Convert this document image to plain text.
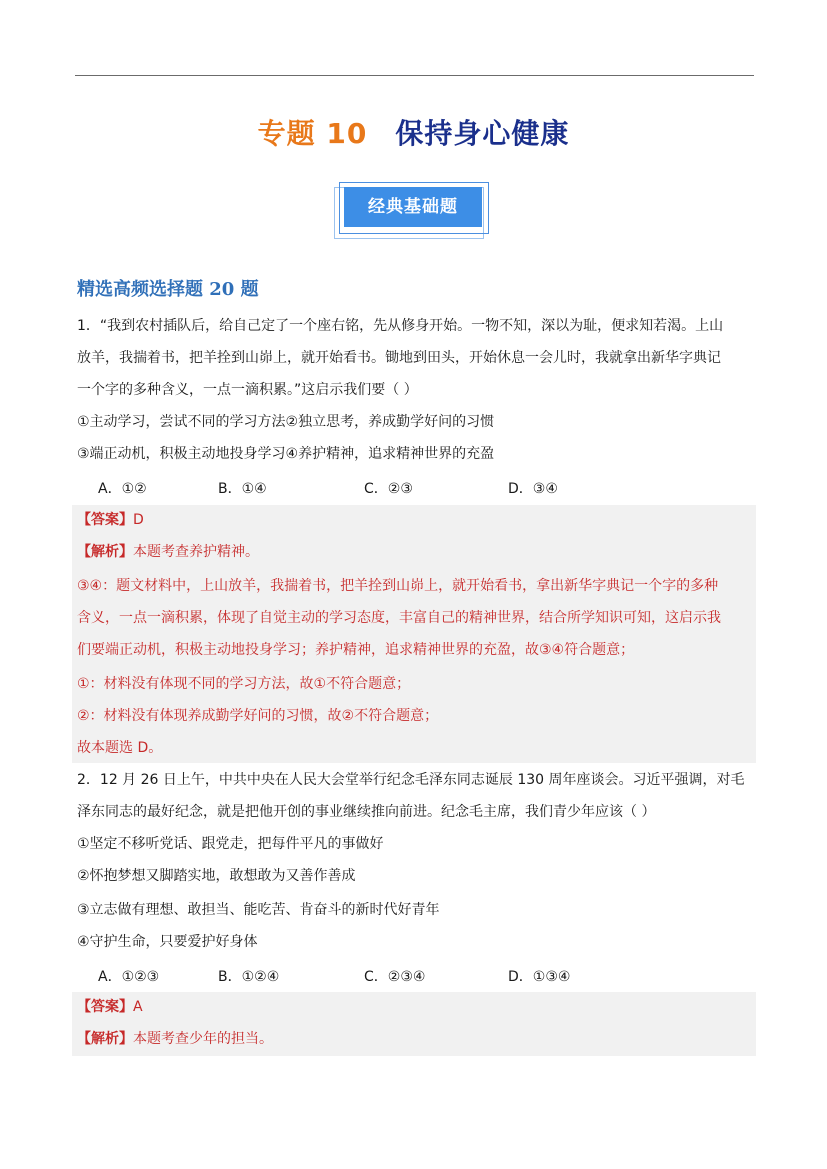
专题 10 保持身心健康
经典基础题
精选高频选择题 20 题
1．“我到农村插队后，给自己定了一个座右铭，先从修身开始。一物不知，深以为耻，便求知若渴。上山
放羊，我揣着书，把羊拴到山峁上，就开始看书。锄地到田头，开始休息一会儿时，我就拿出新华字典记
一个字的多种含义，一点一滴积累。”这启示我们要（ ）
①主动学习，尝试不同的学习方法②独立思考，养成勤学好问的习惯
③端正动机，积极主动地投身学习④养护精神，追求精神世界的充盈
A．①②	B．①④	C．②③	D．③④
【答案】D
【解析】本题考查养护精神。
③④：题文材料中，上山放羊，我揣着书，把羊拴到山峁上，就开始看书，拿出新华字典记一个字的多种
含义，一点一滴积累，体现了自觉主动的学习态度，丰富自己的精神世界，结合所学知识可知，这启示我
们要端正动机，积极主动地投身学习；养护精神，追求精神世界的充盈，故③④符合题意；
①：材料没有体现不同的学习方法，故①不符合题意；
②：材料没有体现养成勤学好问的习惯，故②不符合题意；
故本题选 D。
2．12 月 26 日上午，中共中央在人民大会堂举行纪念毛泽东同志诞辰 130 周年座谈会。习近平强调，对毛
泽东同志的最好纪念，就是把他开创的事业继续推向前进。纪念毛主席，我们青少年应该（ ）
①坚定不移听党话、跟党走，把每件平凡的事做好
②怀抱梦想又脚踏实地，敢想敢为又善作善成
③立志做有理想、敢担当、能吃苦、肯奋斗的新时代好青年
④守护生命，只要爱护好身体
A．①②③	B．①②④	C．②③④	D．①③④
【答案】A
【解析】本题考查少年的担当。
